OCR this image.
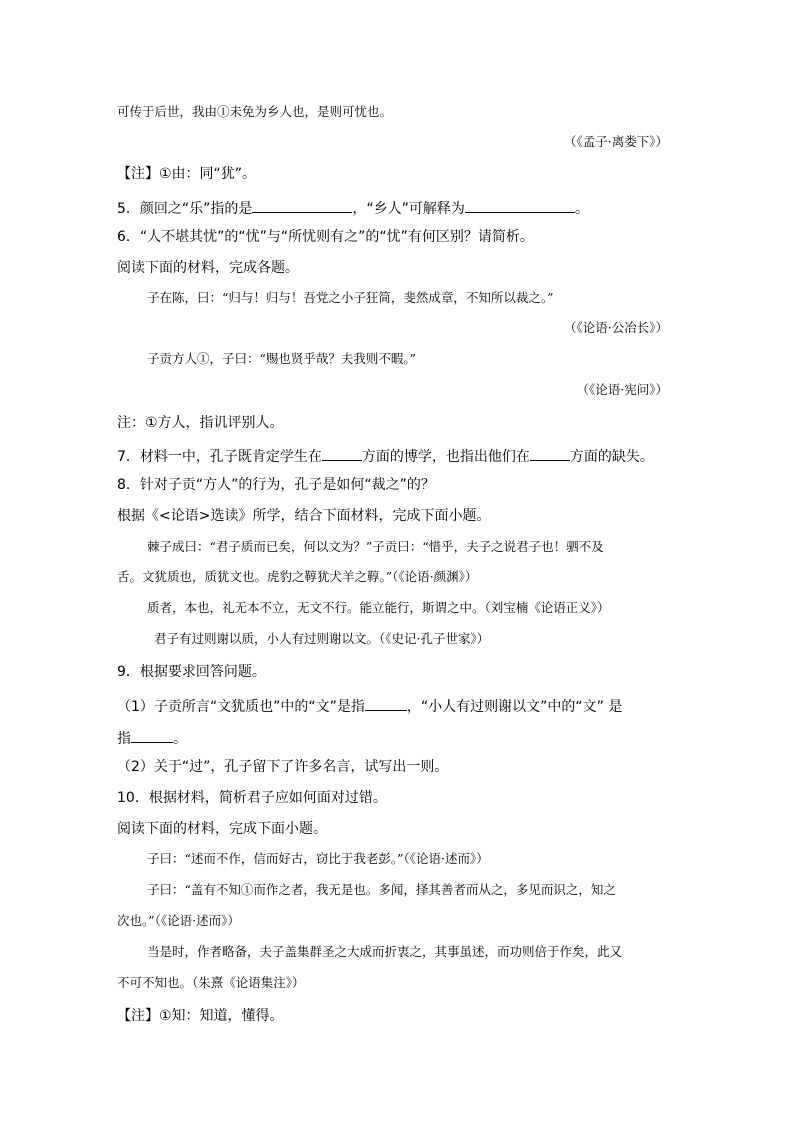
可传于后世，我由①未免为乡人也，是则可忧也。
（《孟子·离娄下》）
【注】①由：同“犹”。
5．颜回之“乐”指的是	，“乡人”可解释为	。
6．“人不堪其忧”的“忧”与“所忧则有之”的“忧”有何区别？请简析。
阅读下面的材料，完成各题。
子在陈，曰：“归与！归与！吾党之小子狂简，斐然成章，不知所以裁之。”
（《论语·公冶长》）
子贡方人①，子曰：“赐也贤乎哉？夫我则不暇。”
（《论语·宪问》）
注：①方人，指讥评别人。
7．材料一中，孔子既肯定学生在	方面的博学，也指出他们在	方面的缺失。
8．针对子贡“方人”的行为，孔子是如何“裁之”的？
根据《<论语>选读》所学，结合下面材料，完成下面小题。
棘子成曰：“君子质而已矣，何以文为？”子贡曰：“惜乎，夫子之说君子也！驷不及
舌。文犹质也，质犹文也。虎豹之鞟犹犬羊之鞟。”（《论语·颜渊》）
质者，本也，礼无本不立，无文不行。能立能行，斯谓之中。（刘宝楠《论语正义》）
君子有过则谢以质，小人有过则谢以文。（《史记·孔子世家》）
9．根据要求回答问题。
（1）子贡所言“文犹质也”中的“文”是指	，“小人有过则谢以文”中的“文” 是
指	。
（2）关于“过”，孔子留下了许多名言，试写出一则。
10．根据材料，简析君子应如何面对过错。
阅读下面的材料，完成下面小题。
子曰：“述而不作，信而好古，窃比于我老彭。”（《论语·述而》）
子曰：“盖有不知①而作之者，我无是也。多闻，择其善者而从之，多见而识之，知之
次也。”（《论语·述而》）
当是时，作者略备，夫子盖集群圣之大成而折衷之，其事虽述，而功则倍于作矣，此又
不可不知也。（朱熹《论语集注》）
【注】①知：知道，懂得。
